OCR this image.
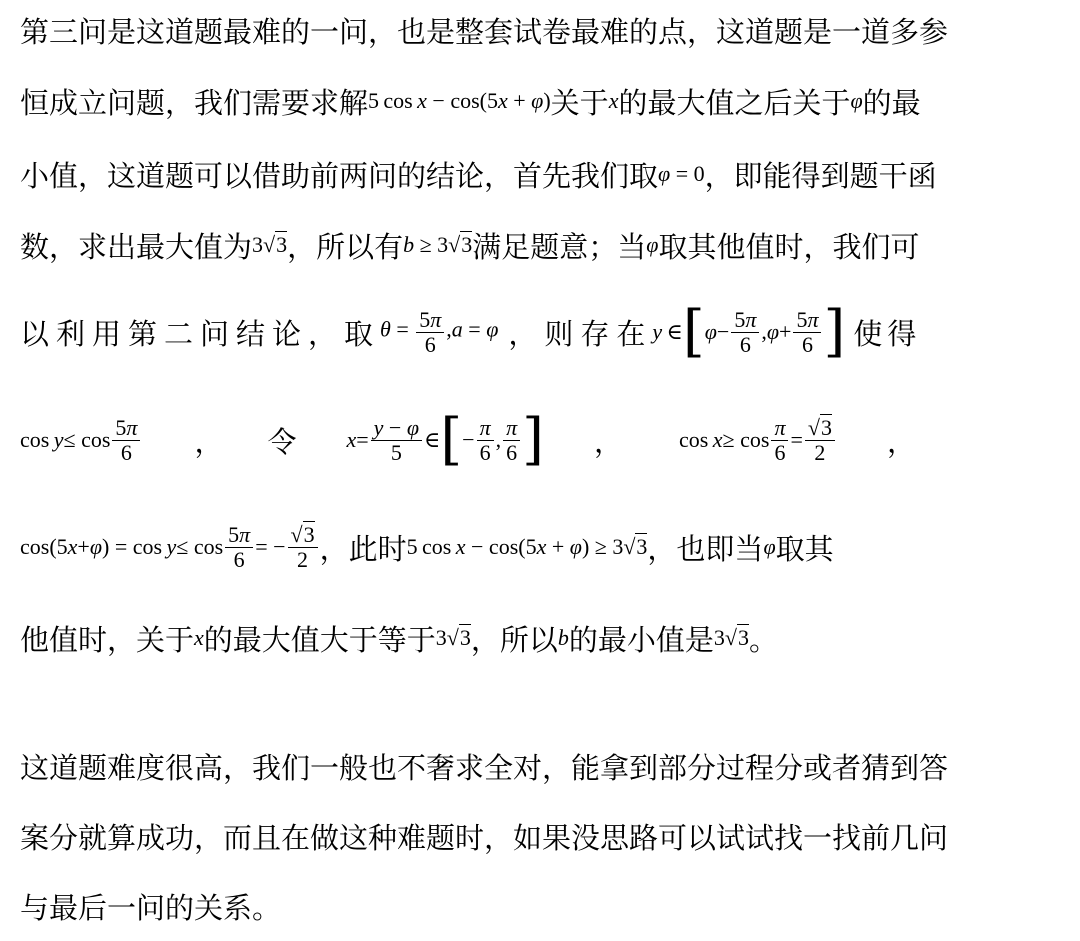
第三问是这道题最难的一问，也是整套试卷最难的点，这道题是一道多参
恒成立问题，我们需要求解 5 cos x − cos(5x + φ) 关于 x 的最大值之后关于 φ 的最
小值，这道题可以借助前两问的结论，首先我们取 φ = 0 ，即能得到题干函
数，求出最大值为 3√3 ，所以有 b ≥ 3√3 满足题意；当 φ 取其他值时，我们可
以利用第二问结论，取 $\theta = \frac{5\pi}{6} ,a = \varphi$ ，则存在 y  ∈ [ $\varphi - \frac{5\pi}{6}$ , $\varphi + \frac{5\pi}{6}$ ] 使得
$\cos y \le \cos \frac{5\pi}{6}$ ， 令 $x = \frac{y - \varphi}{5}$ ∈ [ − $\frac{\pi}{6}$ , $\frac{\pi}{6}$ ] ，	$\cos x \ge \cos \frac{\pi}{6} = \frac{√3}{2}$ ，
cos(5 x + φ ) = $\cos y \le \cos \frac{5\pi}{6}$ = − $\frac{√3}{2}$ ，此时 5 cos x − cos(5x + φ) ≥ 3√3 ，也即当 φ 取其
他值时，关于 x 的最大值大于等于 3√3 ，所以 b 的最小值是 3√3 。
这道题难度很高，我们一般也不奢求全对，能拿到部分过程分或者猜到答
案分就算成功，而且在做这种难题时，如果没思路可以试试找一找前几问
与最后一问的关系。
